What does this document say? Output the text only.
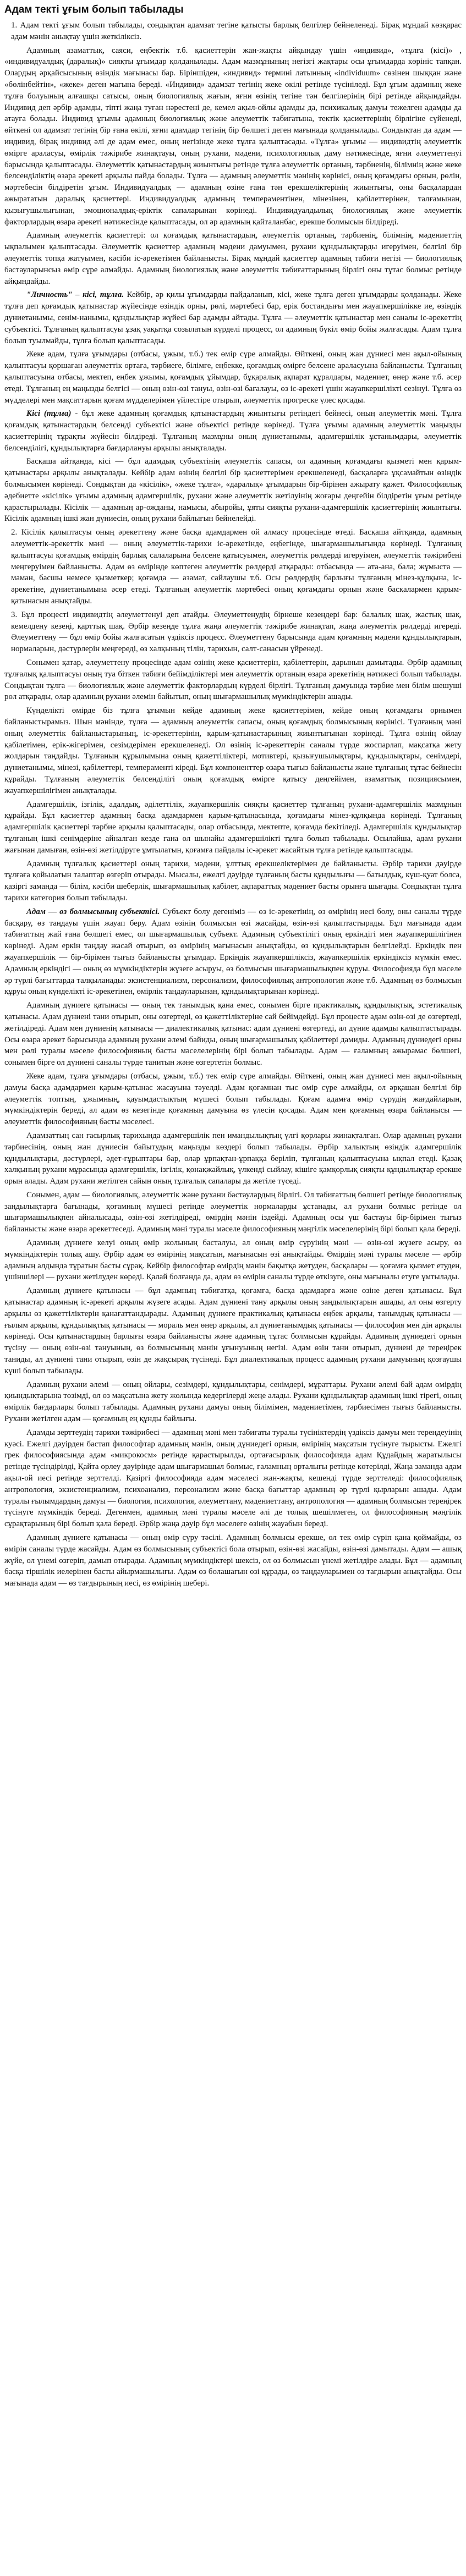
Адам текті ұғым болып табылады

1. Адам текті ұғым болып табылады, сондықтан адамзат тегіне қатысты барлық белгілер бейнеленеді. Бірақ мұндай көзқарас адам мәнін анықтау үшін жеткіліксіз.

Адамның азаматтық, саяси, еңбектік т.б. қасиеттерін жан-жақты айқындау үшін «индивид», «тұлға (кісі)» , «индивидуалдық (даралық)» сияқты ұғымдар қолданылады. Адам мазмұнының негізгі жақтары осы ұғымдарда көрініс тапқан. Олардың әрқайсысының өзіндік мағынасы бар. Біріншіден, «индивид» термині латынның «individuum» сөзінен шыққан және «бөлінбейтін», «жеке» деген мағына береді. «Индивид» адамзат тегінің жеке өкілі ретінде түсініледі. Бұл ұғым адамның жеке тұлға болуының алғашқы сатысы, оның биологиялық жағын, яғни өзінің тегіне тән белгілерінің бірі ретінде айқындайды. Индивид деп әрбір адамды, тіпті жаңа туған нәрестені де, кемел ақыл-ойлы адамды да, психикалық дамуы тежелген адамды да атауға болады. Индивид ұғымы адамның биологиялық және әлеуметтік табиғатына, тектік қасиеттерінің бірлігіне сүйенеді, өйткені ол адамзат тегінің бір ғана өкілі, яғни адамдар тегінің бір бөлшегі деген мағынада қолданылады. Сондықтан да адам — индивид, бірақ индивид әлі де адам емес, оның негізінде жеке тұлға қалыптасады. «Тұлға» ұғымы — индивидтің әлеуметтік өмірге араласуы, өмірлік тәжірибе жинақтауы, оның рухани, мәдени, психологиялық даму нәтижесінде, яғни әлеуметтенуі барысында қалыптасады. Әлеуметтік қатынастардың жиынтығы ретінде тұлға әлеуметтік ортаның, тәрбиенің, білімнің және жеке белсенділіктің өзара әрекеті арқылы пайда болады. Тұлға — адамның әлеуметтік мәнінің көрінісі, оның қоғамдағы орнын, рөлін, мәртебесін білдіретін ұғым. Индивидуалдық — адамның өзіне ғана тән ерекшеліктерінің жиынтығы, оны басқалардан ажырататын даралық қасиеттері. Индивидуалдық адамның темпераментінен, мінезінен, қабілеттерінен, талғамынан, қызығушылығынан, эмоционалдық-еріктік сапаларынан көрінеді. Индивидуалдылық биологиялық және әлеуметтік факторлардың өзара әрекеті нәтижесінде қалыптасады, ол әр адамның қайталанбас, ерекше болмысын білдіреді.

Адамның әлеуметтік қасиеттері: ол қоғамдық қатынастардың, әлеуметтік ортаның, тәрбиенің, білімнің, мәдениеттің ықпалымен қалыптасады. Әлеуметтік қасиеттер адамның мәдени дамуымен, рухани құндылықтарды игеруімен, белгілі бір әлеуметтік топқа жатуымен, кәсіби іс-әрекетімен байланысты. Бірақ мұндай қасиеттер адамның табиғи негізі — биологиялық бастауларынсыз өмір сүре алмайды. Адамның биологиялық және әлеуметтік табиғаттарының бірлігі оны тұтас болмыс ретінде айқындайды.

"Личность" – кісі, тұлға. Кейбір, әр қилы ұғымдарды пайдаланып, кісі, жеке тұлға деген ұғымдарды қолданады. Жеке тұлға деп қоғамдық қатынастар жүйесінде өзіндік орны, рөлі, мәртебесі бар, ерік бостандығы мен жауапкершілікке ие, өзіндік дүниетанымы, сенім-нанымы, құндылықтар жүйесі бар адамды айтады. Тұлға — әлеуметтік қатынастар мен саналы іс-әрекеттің субъектісі. Тұлғаның қалыптасуы ұзақ уақытқа созылатын күрделі процесс, ол адамның бүкіл өмір бойы жалғасады. Адам тұлға болып туылмайды, тұлға болып қалыптасады.

Жеке адам, тұлға ұғымдары (отбасы, ұжым, т.б.) тек өмір сүре алмайды. Өйткені, оның жан дүниесі мен ақыл-ойының қалыптасуы қоршаған әлеуметтік ортаға, тәрбиеге, білімге, еңбекке, қоғамдық өмірге белсене араласуына байланысты. Тұлғаның қалыптасуына отбасы, мектеп, еңбек ұжымы, қоғамдық ұйымдар, бұқаралық ақпарат құралдары, мәдениет, өнер және т.б. әсер етеді. Тұлғаның ең маңызды белгісі — оның өзін-өзі тануы, өзін-өзі бағалауы, өз іс-әрекеті үшін жауапкершілікті сезінуі. Тұлға өз мүдделері мен мақсаттарын қоғам мүдделерімен үйлестіре отырып, әлеуметтік прогреске үлес қосады.

Кісі (тұлға) - бұл жеке адамның қоғамдық қатынастардың жиынтығы ретіндегі бейнесі, оның әлеуметтік мәні. Тұлға қоғамдық қатынастардың белсенді субъектісі және объектісі ретінде көрінеді. Тұлға ұғымы адамның әлеуметтік маңызды қасиеттерінің тұрақты жүйесін білдіреді. Тұлғаның мазмұны оның дүниетанымы, адамгершілік ұстанымдары, әлеуметтік белсенділігі, құндылықтарға бағдарлануы арқылы анықталады.

Басқаша айтқанда, кісі — бұл адамдық субъектінің әлеуметтік сапасы, ол адамның қоғамдағы қызметі мен қарым-қатынастары арқылы анықталады. Кейбір адам өзінің белгілі бір қасиеттерімен ерекшеленеді, басқаларға ұқсамайтын өзіндік болмысымен көрінеді. Сондықтан да «кісілік», «жеке тұлға», «даралық» ұғымдарын бір-бірінен ажырату қажет. Философиялық әдебиетте «кісілік» ұғымы адамның адамгершілік, рухани және әлеуметтік жетілуінің жоғары деңгейін білдіретін ұғым ретінде қарастырылады. Кісілік — адамның ар-ожданы, намысы, абыройы, ұяты сияқты рухани-адамгершілік қасиеттерінің жиынтығы. Кісілік адамның ішкі жан дүниесін, оның рухани байлығын бейнелейді.

2. Кісілік қалыптасуы оның әрекеттену және басқа адамдармен ой алмасу процесінде өтеді. Басқаша айтқанда, адамның әлеуметтік-әрекеттік мәні — оның әлеуметтік-тарихи іс-әрекетінде, еңбегінде, шығармашылығында көрінеді. Тұлғаның қалыптасуы қоғамдық өмірдің барлық салаларына белсене қатысуымен, әлеуметтік рөлдерді игеруімен, әлеуметтік тәжірибені меңгеруімен байланысты. Адам өз өмірінде көптеген әлеуметтік рөлдерді атқарады: отбасында — ата-ана, бала; жұмыста — маман, басшы немесе қызметкер; қоғамда — азамат, сайлаушы т.б. Осы рөлдердің барлығы тұлғаның мінез-құлқына, іс-әрекетіне, дүниетанымына әсер етеді. Тұлғаның әлеуметтік мәртебесі оның қоғамдағы орнын және басқалармен қарым-қатынасын анықтайды.

3. Бұл процесті индивидтің әлеуметтенуі деп атайды. Әлеуметтенудің бірнеше кезеңдері бар: балалық шақ, жастық шақ, кемелдену кезеңі, қарттық шақ. Әрбір кезеңде тұлға жаңа әлеуметтік тәжірибе жинақтап, жаңа әлеуметтік рөлдерді игереді. Әлеуметтену — бұл өмір бойы жалғасатын үздіксіз процесс. Әлеуметтену барысында адам қоғамның мәдени құндылықтарын, нормаларын, дәстүрлерін меңгереді, өз халқының тілін, тарихын, салт-санасын үйренеді.

Сонымен қатар, әлеуметтену процесінде адам өзінің жеке қасиеттерін, қабілеттерін, дарынын дамытады. Әрбір адамның тұлғалық қалыптасуы оның туа біткен табиғи бейімділіктері мен әлеуметтік ортаның өзара әрекетінің нәтижесі болып табылады. Сондықтан тұлға — биологиялық және әлеуметтік факторлардың күрделі бірлігі. Тұлғаның дамуында тәрбие мен білім шешуші рөл атқарады, олар адамның рухани әлемін байытып, оның шығармашылық мүмкіндіктерін ашады.

Күнделікті өмірде біз тұлға ұғымын кейде адамның жеке қасиеттерімен, кейде оның қоғамдағы орнымен байланыстырамыз. Шын мәнінде, тұлға — адамның әлеуметтік сапасы, оның қоғамдық болмысының көрінісі. Тұлғаның мәні оның әлеуметтік байланыстарының, іс-әрекеттерінің, қарым-қатынастарының жиынтығынан көрінеді. Тұлға өзінің ойлау қабілетімен, ерік-жігерімен, сезімдерімен ерекшеленеді. Ол өзінің іс-әрекеттерін саналы түрде жоспарлап, мақсатқа жету жолдарын таңдайды. Тұлғаның құрылымына оның қажеттіліктері, мотивтері, қызығушылықтары, құндылықтары, сенімдері, дүниетанымы, мінезі, қабілеттері, темпераменті кіреді. Бұл компоненттер өзара тығыз байланысты және тұлғаның тұтас бейнесін құрайды. Тұлғаның әлеуметтік белсенділігі оның қоғамдық өмірге қатысу деңгейімен, азаматтық позициясымен, жауапкершілігімен анықталады.

Адамгершілік, ізгілік, адалдық, әділеттілік, жауапкершілік сияқты қасиеттер тұлғаның рухани-адамгершілік мазмұнын құрайды. Бұл қасиеттер адамның басқа адамдармен қарым-қатынасында, қоғамдағы мінез-құлқында көрінеді. Тұлғаның адамгершілік қасиеттері тәрбие арқылы қалыптасады, олар отбасында, мектепте, қоғамда бекітіледі. Адамгершілік құндылықтар тұлғаның ішкі сенімдеріне айналған кезде ғана ол шынайы адамгершілікті тұлға болып табылады. Осылайша, адам рухани жағынан дамыған, өзін-өзі жетілдіруге ұмтылатын, қоғамға пайдалы іс-әрекет жасайтын тұлға ретінде қалыптасады.

Адамның тұлғалық қасиеттері оның тарихи, мәдени, ұлттық ерекшеліктерімен де байланысты. Әрбір тарихи дәуірде тұлғаға қойылатын талаптар өзгеріп отырады. Мысалы, ежелгі дәуірде тұлғаның басты құндылығы — батылдық, күш-қуат болса, қазіргі заманда — білім, кәсіби шеберлік, шығармашылық қабілет, ақпараттық мәдениет басты орынға шығады. Сондықтан тұлға тарихи категория болып табылады.

Адам — өз болмысының субъектісі. Субъект болу дегеніміз — өз іс-әрекетінің, өз өмірінің иесі болу, оны саналы түрде басқару, өз таңдауы үшін жауап беру. Адам өзінің болмысын өзі жасайды, өзін-өзі қалыптастырады. Бұл мағынада адам табиғаттың жай ғана бөлшегі емес, ол шығармашылық субъект. Адамның субъектілігі оның еркіндігі мен жауапкершілігінен көрінеді. Адам еркін таңдау жасай отырып, өз өмірінің мағынасын анықтайды, өз құндылықтарын белгілейді. Еркіндік пен жауапкершілік — бір-бірімен тығыз байланысты ұғымдар. Еркіндік жауапкершіліксіз, жауапкершілік еркіндіксіз мүмкін емес. Адамның еркіндігі — оның өз мүмкіндіктерін жүзеге асыруы, өз болмысын шығармашылықпен құруы. Философияда бұл мәселе әр түрлі бағыттарда талқыланады: экзистенциализм, персонализм, философиялық антропология және т.б. Адамның өз болмысын құруы оның күнделікті іс-әрекетінен, өмірлік таңдауларынан, құндылықтарынан көрінеді.

Адамның дүниеге қатынасы — оның тек танымдық қана емес, сонымен бірге практикалық, құндылықтық, эстетикалық қатынасы. Адам дүниені тани отырып, оны өзгертеді, өз қажеттіліктеріне сай бейімдейді. Бұл процесте адам өзін-өзі де өзгертеді, жетілдіреді. Адам мен дүниенің қатынасы — диалектикалық қатынас: адам дүниені өзгертеді, ал дүние адамды қалыптастырады. Осы өзара әрекет барысында адамның рухани әлемі байиды, оның шығармашылық қабілеттері дамиды. Адамның дүниедегі орны мен рөлі туралы мәселе философияның басты мәселелерінің бірі болып табылады. Адам — ғаламның ажырамас бөлшегі, сонымен бірге ол дүниені саналы түрде танитын және өзгертетін болмыс.

Жеке адам, тұлға ұғымдары (отбасы, ұжым, т.б.) тек өмір сүре алмайды. Өйткені, оның жан дүниесі мен ақыл-ойының дамуы басқа адамдармен қарым-қатынас жасауына тәуелді. Адам қоғамнан тыс өмір сүре алмайды, ол әрқашан белгілі бір әлеуметтік топтың, ұжымның, қауымдастықтың мүшесі болып табылады. Қоғам адамға өмір сүрудің жағдайларын, мүмкіндіктерін береді, ал адам өз кезегінде қоғамның дамуына өз үлесін қосады. Адам мен қоғамның өзара байланысы — әлеуметтік философияның басты мәселесі.

Адамзаттың сан ғасырлық тарихында адамгершілік пен имандылықтың үлгі қорлары жинақталған. Олар адамның рухани тәрбиесінің, оның жан дүниесін байытудың маңызды көздері болып табылады. Әрбір халықтың өзіндік адамгершілік құндылықтары, дәстүрлері, әдет-ғұрыптары бар, олар ұрпақтан-ұрпаққа беріліп, тұлғаның қалыптасуына ықпал етеді. Қазақ халқының рухани мұрасында адамгершілік, ізгілік, қонақжайлық, үлкенді сыйлау, кішіге қамқорлық сияқты құндылықтар ерекше орын алады. Адам рухани жетілген сайын оның тұлғалық сапалары да жетіле түседі.

Сонымен, адам — биологиялық, әлеуметтік және рухани бастаулардың бірлігі. Ол табиғаттың бөлшегі ретінде биологиялық заңдылықтарға бағынады, қоғамның мүшесі ретінде әлеуметтік нормаларды ұстанады, ал рухани болмыс ретінде ол шығармашылықпен айналысады, өзін-өзі жетілдіреді, өмірдің мәнін іздейді. Адамның осы үш бастауы бір-бірімен тығыз байланысты және өзара әрекеттеседі. Адамның мәні туралы мәселе философияның мәңгілік мәселелерінің бірі болып қала береді.

Адамның дүниеге келуі оның өмір жолының басталуы, ал оның өмір сүруінің мәні — өзін-өзі жүзеге асыру, өз мүмкіндіктерін толық ашу. Әрбір адам өз өмірінің мақсатын, мағынасын өзі анықтайды. Өмірдің мәні туралы мәселе — әрбір адамның алдында тұратын басты сұрақ. Кейбір философтар өмірдің мәнін бақытқа жетуден, басқалары — қоғамға қызмет етуден, үшіншілері — рухани жетілуден көреді. Қалай болғанда да, адам өз өмірін саналы түрде өткізуге, оны мағыналы етуге ұмтылады.

Адамның дүниеге қатынасы — бұл адамның табиғатқа, қоғамға, басқа адамдарға және өзіне деген қатынасы. Бұл қатынастар адамның іс-әрекеті арқылы жүзеге асады. Адам дүниені тану арқылы оның заңдылықтарын ашады, ал оны өзгерту арқылы өз қажеттіліктерін қанағаттандырады. Адамның дүниеге практикалық қатынасы еңбек арқылы, танымдық қатынасы — ғылым арқылы, құндылықтық қатынасы — мораль мен өнер арқылы, ал дүниетанымдық қатынасы — философия мен дін арқылы көрінеді. Осы қатынастардың барлығы өзара байланысты және адамның тұтас болмысын құрайды. Адамның дүниедегі орнын түсіну — оның өзін-өзі тануының, өз болмысының мәнін ұғынуының негізі. Адам өзін тани отырып, дүниені де тереңірек таниды, ал дүниені тани отырып, өзін де жақсырақ түсінеді. Бұл диалектикалық процесс адамның рухани дамуының қозғаушы күші болып табылады.

Адамның рухани әлемі — оның ойлары, сезімдері, құндылықтары, сенімдері, мұраттары. Рухани әлемі бай адам өмірдің қиындықтарына төзімді, ол өз мақсатына жету жолында кедергілерді жеңе алады. Рухани құндылықтар адамның ішкі тірегі, оның өмірлік бағдарлары болып табылады. Адамның рухани дамуы оның білімімен, мәдениетімен, тәрбиесімен тығыз байланысты. Рухани жетілген адам — қоғамның ең құнды байлығы.

Адамды зерттеудің тарихи тәжірибесі — адамның мәні мен табиғаты туралы түсініктердің үздіксіз дамуы мен тереңдеуінің куәсі. Ежелгі дәуірден бастап философтар адамның мәнін, оның дүниедегі орнын, өмірінің мақсатын түсінуге тырысты. Ежелгі грек философиясында адам «микрокосм» ретінде қарастырылды, ортағасырлық философияда адам Құдайдың жаратылысы ретінде түсіндірілді, Қайта өрлеу дәуірінде адам шығармашыл болмыс, ғаламның орталығы ретінде көтерілді, Жаңа заманда адам ақыл-ой иесі ретінде зерттелді. Қазіргі философияда адам мәселесі жан-жақты, кешенді түрде зерттеледі: философиялық антропология, экзистенциализм, психоанализ, персонализм және басқа бағыттар адамның әр түрлі қырларын ашады. Адам туралы ғылымдардың дамуы — биология, психология, әлеуметтану, мәдениеттану, антропология — адамның болмысын тереңірек түсінуге мүмкіндік береді. Дегенмен, адамның мәні туралы мәселе әлі де толық шешілмеген, ол философияның мәңгілік сұрақтарының бірі болып қала береді. Әрбір жаңа дәуір бұл мәселеге өзінің жауабын береді.

Адамның дүниеге қатынасы — оның өмір сүру тәсілі. Адамның болмысы ерекше, ол тек өмір сүріп қана қоймайды, өз өмірін саналы түрде жасайды. Адам өз болмысының субъектісі бола отырып, өзін-өзі жасайды, өзін-өзі дамытады. Адам — ашық жүйе, ол үнемі өзгеріп, дамып отырады. Адамның мүмкіндіктері шексіз, ол өз болмысын үнемі жетілдіре алады. Бұл — адамның басқа тіршілік иелерінен басты айырмашылығы. Адам өз болашағын өзі құрады, өз таңдауларымен өз тағдырын анықтайды. Осы мағынада адам — өз тағдырының иесі, өз өмірінің шебері.
